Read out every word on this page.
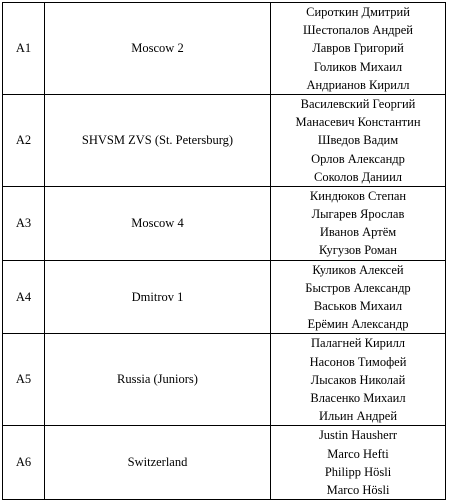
A1	Moscow 2	Сироткин Дмитрий
Шестопалов Андрей
Лавров Григорий
Голиков Михаил
Андрианов Кирилл

A2	SHVSM ZVS (St. Petersburg)	Василевский Георгий
Манасевич Константин
Шведов Вадим
Орлов Александр
Соколов Даниил

A3	Moscow 4	Киндюков Степан
Лыгарев Ярослав
Иванов Артём
Кугузов Роман

A4	Dmitrov 1	Куликов Алексей
Быстров Александр
Васьков Михаил
Ерёмин Александр

A5	Russia (Juniors)	Палагней Кирилл
Насонов Тимофей
Лысаков Николай
Власенко Михаил
Ильин Андрей

A6	Switzerland	Justin Hausherr
Marco Hefti
Philipp Hösli
Marco Hösli
